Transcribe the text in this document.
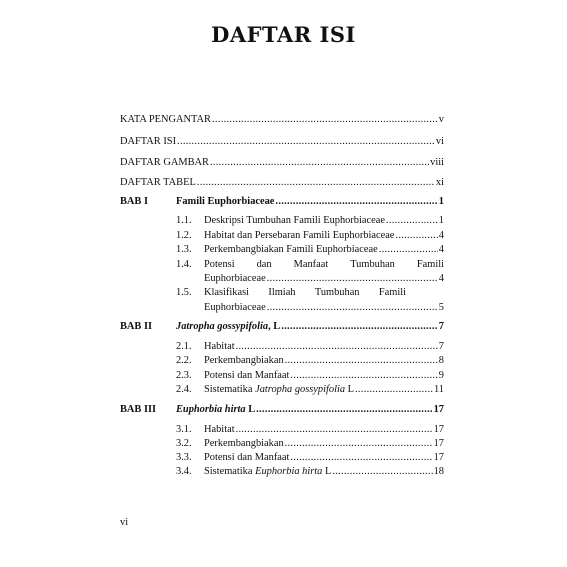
DAFTAR ISI
KATA PENGANTAR .....	v
DAFTAR ISI .....	vi
DAFTAR GAMBAR .....	viii
DAFTAR TABEL .....	xi
BAB I	Famili Euphorbiaceae .....	1
1.1. Deskripsi Tumbuhan Famili Euphorbiaceae .....	1
1.2. Habitat dan Persebaran Famili Euphorbiaceae .....	4
1.3. Perkembangbiakan Famili Euphorbiaceae .....	4
1.4. Potensi dan Manfaat Tumbuhan Famili
Euphorbiaceae .....	4
1.5. Klasifikasi Ilmiah Tumbuhan Famili
Euphorbiaceae .....	5
BAB II Jatropha gossypifolia, L .....	7
2.1. Habitat .....	7
2.2. Perkembangbiakan .....	8
2.3. Potensi dan Manfaat .....	9
2.4. Sistematika Jatropha gossypifolia L .....	11
BAB III Euphorbia hirta L .....	17
3.1. Habitat .....	17
3.2. Perkembangbiakan .....	17
3.3. Potensi dan Manfaat .....	17
3.4. Sistematika Euphorbia hirta L .....	18
vi
